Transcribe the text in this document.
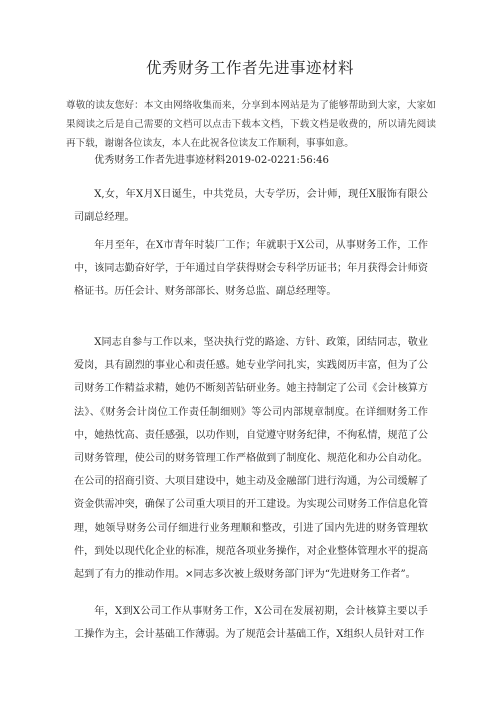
优秀财务工作者先进事迹材料
尊敬的读友您好：本文由网络收集而来，分享到本网站是为了能够帮助到大家，大家如果阅读之后是自己需要的文档可以点击下载本文档，下载文档是收费的，所以请先阅读再下载，谢谢各位读友，本人在此祝各位读友工作顺利，事事如意。

优秀财务工作者先进事迹材料2019-02-0221:56:46

X,女，年X月X日诞生，中共党员，大专学历，会计师，现任X服饰有限公司副总经理。

年月至年，在X市青年时装厂工作；年就职于X公司，从事财务工作，工作中，该同志勤奋好学，于年通过自学获得财会专科学历证书；年月获得会计师资格证书。历任会计、财务部部长、财务总监、副总经理等。

X同志自参与工作以来，坚决执行党的路途、方针、政策，团结同志，敬业爱岗，具有剧烈的事业心和责任感。她专业学问扎实，实践阅历丰富，但为了公司财务工作精益求精，她仍不断刻苦钻研业务。她主持制定了公司《会计核算方法》、《财务会计岗位工作责任制细则》等公司内部规章制度。在详细财务工作中，她热忱高、责任感强，以功作则，自觉遵守财务纪律，不徇私情，规范了公司财务管理，使公司的财务管理工作严格做到了制度化、规范化和办公自动化。在公司的招商引资、大项目建设中，她主动及金融部门进行沟通，为公司缓解了资金供需冲突，确保了公司重大项目的开工建设。为实现公司财务工作信息化管理，她领导财务公司仔细进行业务理顺和整改，引进了国内先进的财务管理软件，到处以现代化企业的标准，规范各项业务操作，对企业整体管理水平的提高起到了有力的推动作用。×同志多次被上级财务部门评为“先进财务工作者”。

年，X到X公司工作从事财务工作，X公司在发展初期，会计核算主要以手工操作为主，会计基础工作薄弱。为了规范会计基础工作，X组织人员针对工作
